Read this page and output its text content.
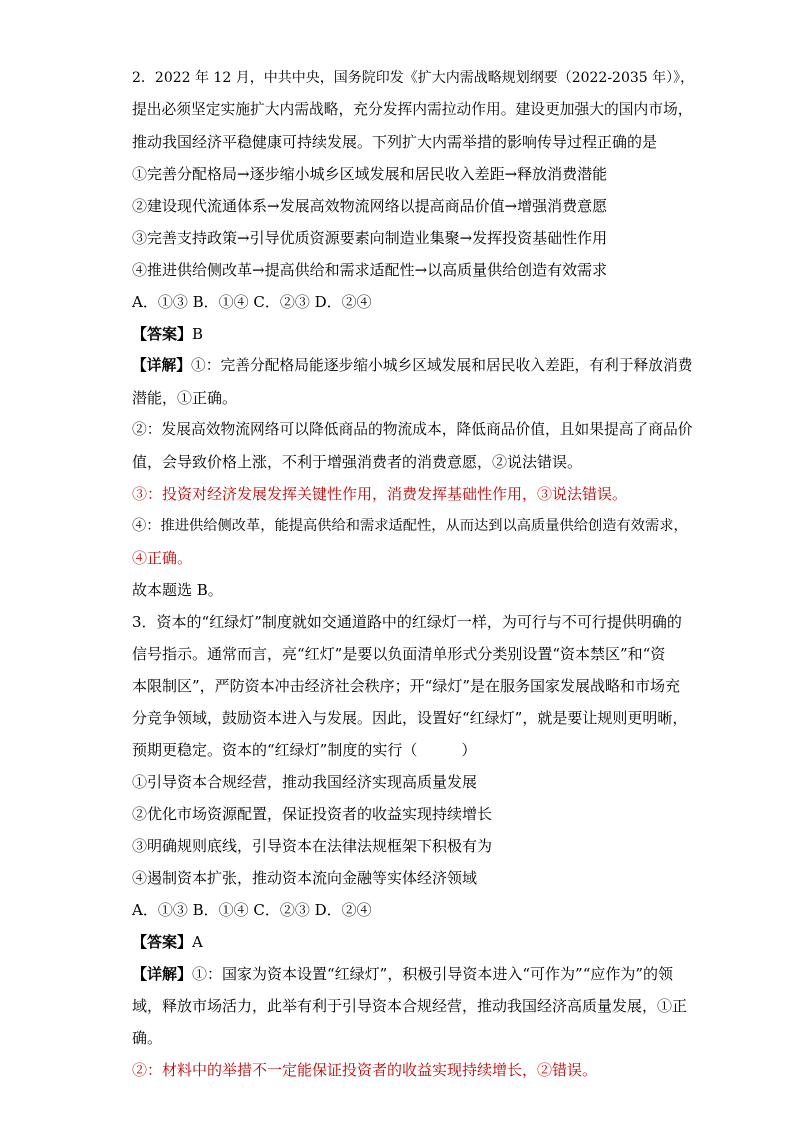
2．2022 年 12 月，中共中央，国务院印发《扩大内需战略规划纲要（2022-2035 年）》，
提出必须坚定实施扩大内需战略，充分发挥内需拉动作用。建设更加强大的国内市场，
推动我国经济平稳健康可持续发展。下列扩大内需举措的影响传导过程正确的是
①完善分配格局→逐步缩小城乡区域发展和居民收入差距→释放消费潜能
②建设现代流通体系→发展高效物流网络以提高商品价值→增强消费意愿
③完善支持政策→引导优质资源要素向制造业集聚→发挥投资基础性作用
④推进供给侧改革→提高供给和需求适配性→以高质量供给创造有效需求
A．①③ B．①④ C．②③ D．②④
【答案】B
【详解】①：完善分配格局能逐步缩小城乡区域发展和居民收入差距，有利于释放消费
潜能，①正确。
②：发展高效物流网络可以降低商品的物流成本，降低商品价值，且如果提高了商品价
值，会导致价格上涨，不利于增强消费者的消费意愿，②说法错误。
③：投资对经济发展发挥关键性作用，消费发挥基础性作用，③说法错误。
④：推进供给侧改革，能提高供给和需求适配性，从而达到以高质量供给创造有效需求，
④正确。
故本题选 B。
3．资本的“红绿灯”制度就如交通道路中的红绿灯一样，为可行与不可行提供明确的
信号指示。通常而言，亮“红灯”是要以负面清单形式分类别设置“资本禁区”和“资
本限制区”，严防资本冲击经济社会秩序；开“绿灯”是在服务国家发展战略和市场充
分竞争领域，鼓励资本进入与发展。因此，设置好“红绿灯”，就是要让规则更明晰，
预期更稳定。资本的“红绿灯”制度的实行（	）
①引导资本合规经营，推动我国经济实现高质量发展
②优化市场资源配置，保证投资者的收益实现持续增长
③明确规则底线，引导资本在法律法规框架下积极有为
④遏制资本扩张，推动资本流向金融等实体经济领域
A．①③ B．①④ C．②③ D．②④
【答案】A
【详解】①：国家为资本设置“红绿灯”，积极引导资本进入“可作为”“应作为”的领
域，释放市场活力，此举有利于引导资本合规经营，推动我国经济高质量发展，①正
确。
②：材料中的举措不一定能保证投资者的收益实现持续增长，②错误。
